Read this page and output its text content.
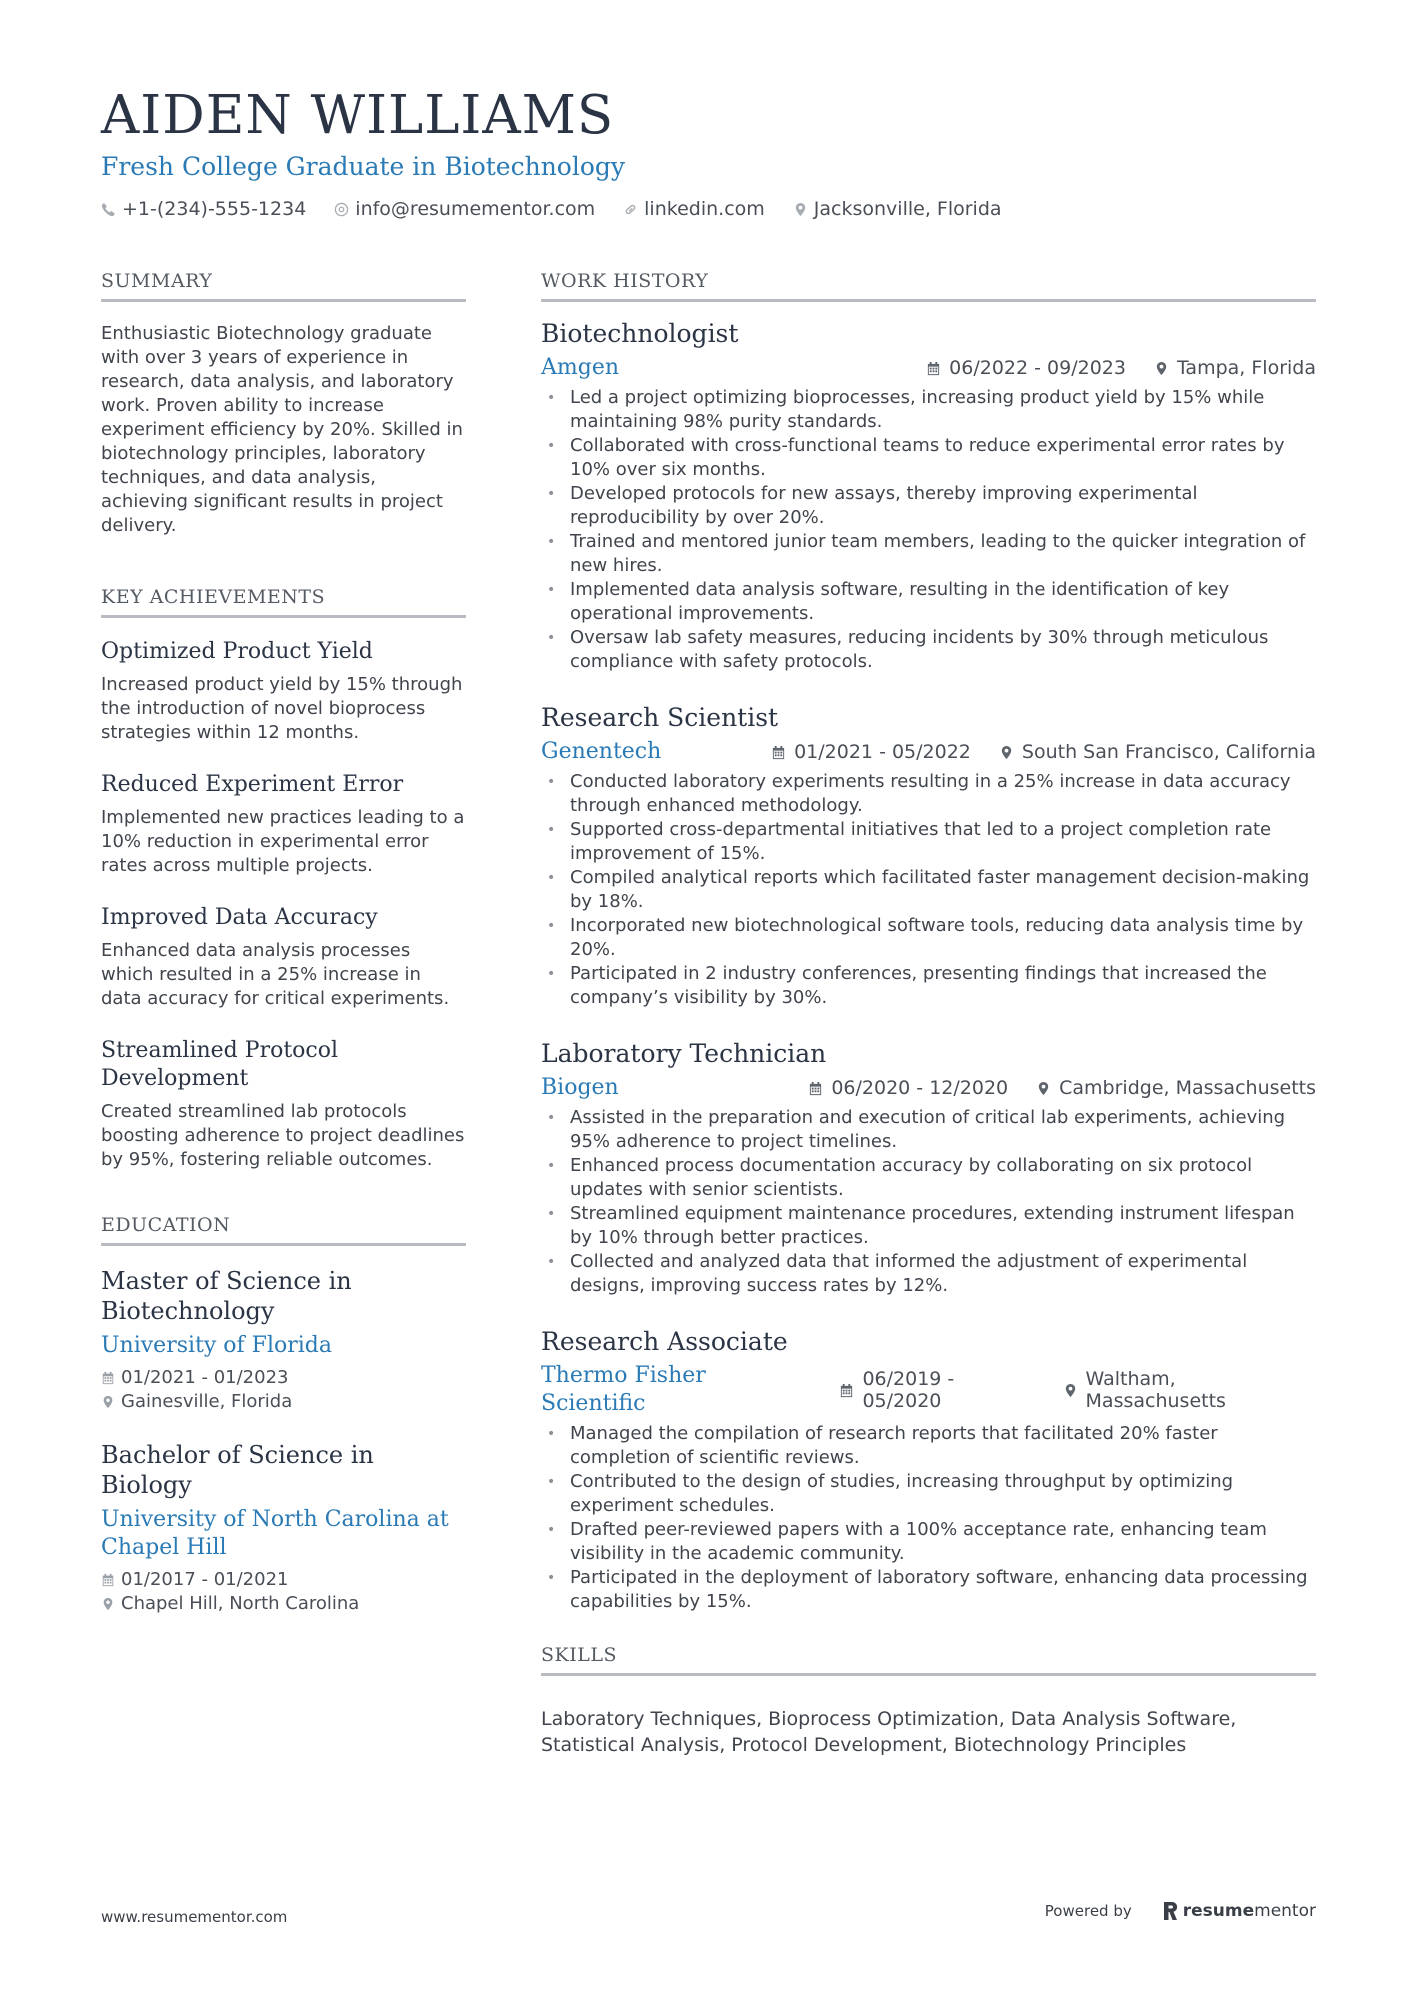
AIDEN WILLIAMS
Fresh College Graduate in Biotechnology
+1-(234)-555-1234	info@resumementor.com	linkedin.com	Jacksonville, Florida
SUMMARY
Enthusiastic Biotechnology graduate with over 3 years of experience in research, data analysis, and laboratory work. Proven ability to increase experiment efficiency by 20%. Skilled in biotechnology principles, laboratory techniques, and data analysis, achieving significant results in project delivery.
KEY ACHIEVEMENTS
Optimized Product Yield
Increased product yield by 15% through the introduction of novel bioprocess strategies within 12 months.
Reduced Experiment Error
Implemented new practices leading to a 10% reduction in experimental error rates across multiple projects.
Improved Data Accuracy
Enhanced data analysis processes which resulted in a 25% increase in data accuracy for critical experiments.
Streamlined Protocol Development
Created streamlined lab protocols boosting adherence to project deadlines by 95%, fostering reliable outcomes.
EDUCATION
Master of Science in Biotechnology
University of Florida
01/2021 - 01/2023
Gainesville, Florida
Bachelor of Science in Biology
University of North Carolina at Chapel Hill
01/2017 - 01/2021
Chapel Hill, North Carolina
WORK HISTORY
Biotechnologist
Amgen	06/2022 - 09/2023	Tampa, Florida
• Led a project optimizing bioprocesses, increasing product yield by 15% while maintaining 98% purity standards.
• Collaborated with cross-functional teams to reduce experimental error rates by 10% over six months.
• Developed protocols for new assays, thereby improving experimental reproducibility by over 20%.
• Trained and mentored junior team members, leading to the quicker integration of new hires.
• Implemented data analysis software, resulting in the identification of key operational improvements.
• Oversaw lab safety measures, reducing incidents by 30% through meticulous compliance with safety protocols.
Research Scientist
Genentech	01/2021 - 05/2022	South San Francisco, California
• Conducted laboratory experiments resulting in a 25% increase in data accuracy through enhanced methodology.
• Supported cross-departmental initiatives that led to a project completion rate improvement of 15%.
• Compiled analytical reports which facilitated faster management decision-making by 18%.
• Incorporated new biotechnological software tools, reducing data analysis time by 20%.
• Participated in 2 industry conferences, presenting findings that increased the company’s visibility by 30%.
Laboratory Technician
Biogen	06/2020 - 12/2020	Cambridge, Massachusetts
• Assisted in the preparation and execution of critical lab experiments, achieving 95% adherence to project timelines.
• Enhanced process documentation accuracy by collaborating on six protocol updates with senior scientists.
• Streamlined equipment maintenance procedures, extending instrument lifespan by 10% through better practices.
• Collected and analyzed data that informed the adjustment of experimental designs, improving success rates by 12%.
Research Associate
Thermo Fisher Scientific
06/2019 - 05/2020
Waltham, Massachusetts
• Managed the compilation of research reports that facilitated 20% faster completion of scientific reviews.
• Contributed to the design of studies, increasing throughput by optimizing experiment schedules.
• Drafted peer-reviewed papers with a 100% acceptance rate, enhancing team visibility in the academic community.
• Participated in the deployment of laboratory software, enhancing data processing capabilities by 15%.
SKILLS
Laboratory Techniques, Bioprocess Optimization, Data Analysis Software, Statistical Analysis, Protocol Development, Biotechnology Principles
www.resumementor.com	Powered by	resume mentor
